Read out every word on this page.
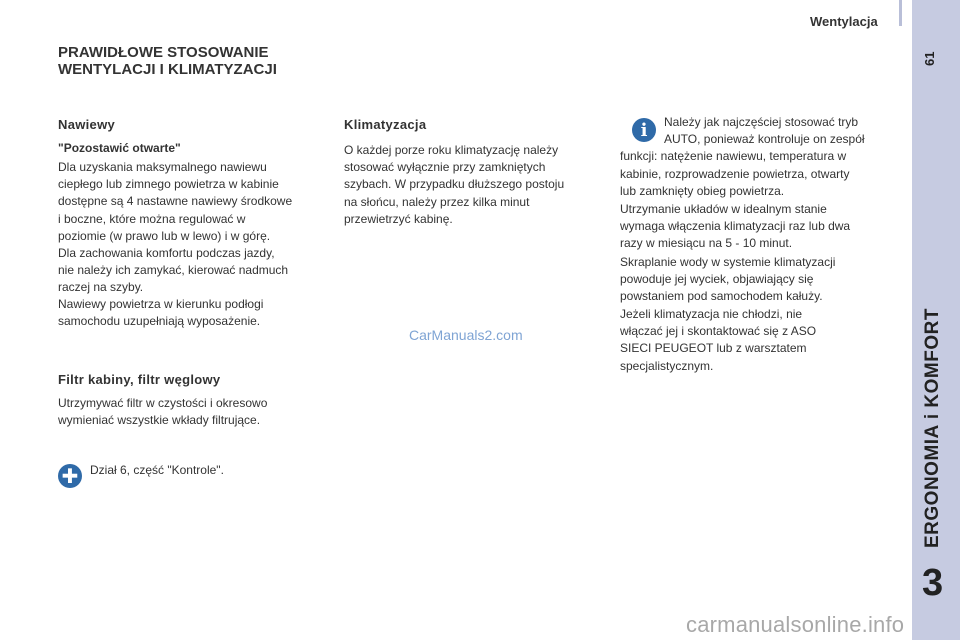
Wentylacja
61
ERGONOMIA i KOMFORT
3
PRAWIDŁOWE STOSOWANIE WENTYLACJI I KLIMATYZACJI
Nawiewy
"Pozostawić otwarte"
Dla uzyskania maksymalnego nawiewu
ciepłego lub zimnego powietrza w kabinie
dostępne są 4 nastawne nawiewy środkowe
i boczne, które można regulować w
poziomie (w prawo lub w lewo) i w górę.
Dla zachowania komfortu podczas jazdy,
nie należy ich zamykać, kierować nadmuch
raczej na szyby.
Nawiewy powietrza w kierunku podłogi
samochodu uzupełniają wyposażenie.
Filtr kabiny, filtr węglowy
Utrzymywać filtr w czystości i okresowo
wymieniać wszystkie wkłady filtrujące.
✚ Dział 6, część "Kontrole".
Klimatyzacja
O każdej porze roku klimatyzację należy
stosować wyłącznie przy zamkniętych
szybach. W przypadku dłuższego postoju
na słońcu, należy przez kilka minut
przewietrzyć kabinę.
CarManuals2.com
i	Należy jak najczęściej stosować tryb
AUTO, ponieważ kontroluje on zespół
funkcji: natężenie nawiewu, temperatura w
kabinie, rozprowadzenie powietrza, otwarty
lub zamknięty obieg powietrza.
Utrzymanie układów w idealnym stanie
wymaga włączenia klimatyzacji raz lub dwa
razy w miesiącu na 5 - 10 minut.
Skraplanie wody w systemie klimatyzacji
powoduje jej wyciek, objawiający się
powstaniem pod samochodem kałuży.
Jeżeli klimatyzacja nie chłodzi, nie
włączać jej i skontaktować się z ASO
SIECI PEUGEOT lub z warsztatem
specjalistycznym.
carmanualsonline.info
